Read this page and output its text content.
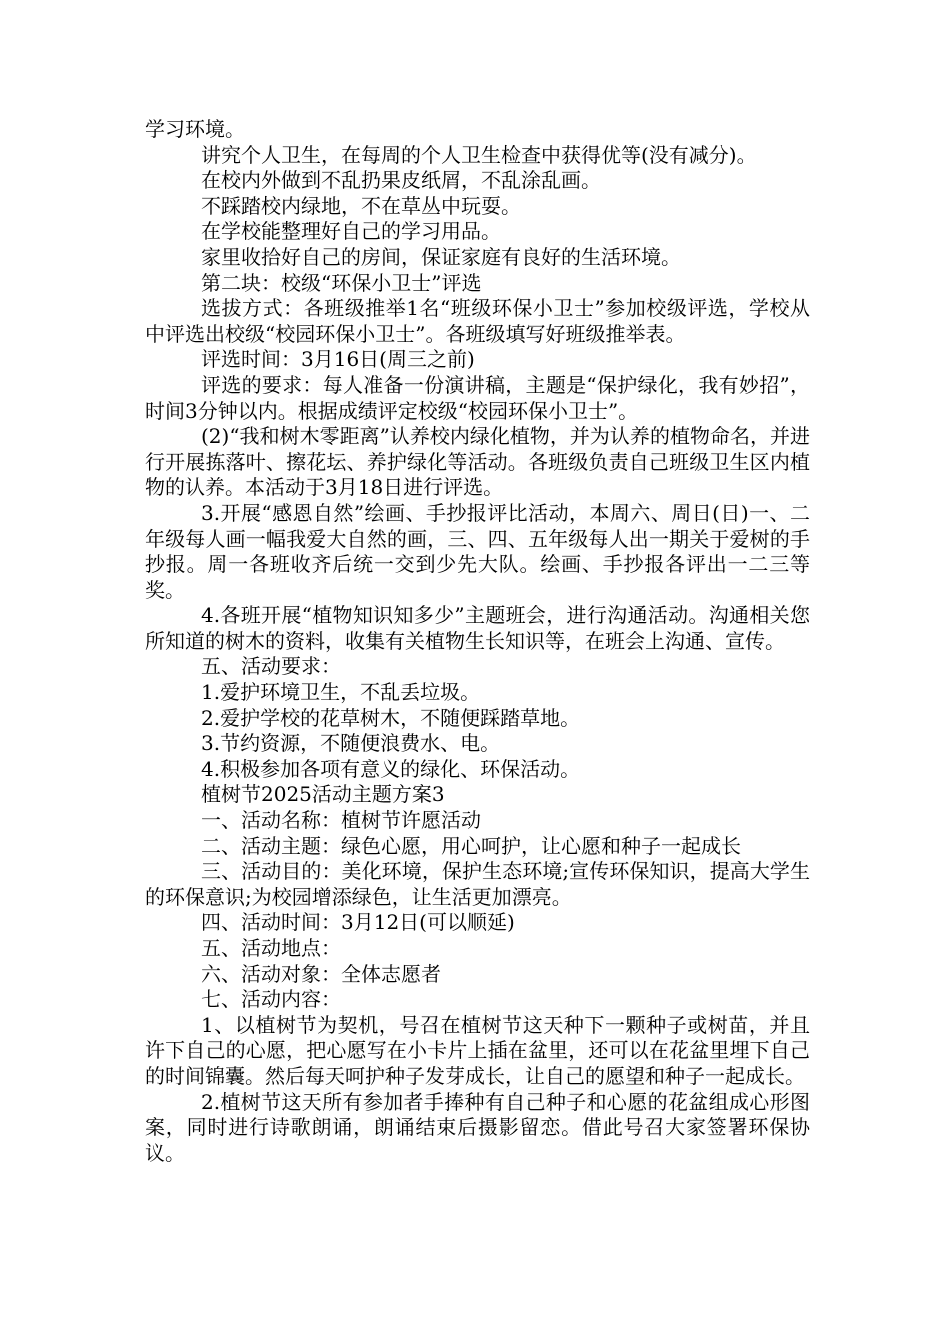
学习环境。

讲究个人卫生，在每周的个人卫生检查中获得优等(没有减分)。

在校内外做到不乱扔果皮纸屑，不乱涂乱画。

不踩踏校内绿地，不在草丛中玩耍。

在学校能整理好自己的学习用品。

家里收拾好自己的房间，保证家庭有良好的生活环境。

第二块：校级“环保小卫士”评选

选拔方式：各班级推举1名“班级环保小卫士”参加校级评选，学校从中评选出校级“校园环保小卫士”。各班级填写好班级推举表。

评选时间：3月16日(周三之前)

评选的要求：每人准备一份演讲稿，主题是“保护绿化，我有妙招”，时间3分钟以内。根据成绩评定校级“校园环保小卫士”。

(2)“我和树木零距离”认养校内绿化植物，并为认养的植物命名，并进行开展拣落叶、擦花坛、养护绿化等活动。各班级负责自己班级卫生区内植物的认养。本活动于3月18日进行评选。

3.开展“感恩自然”绘画、手抄报评比活动，本周六、周日(日)一、二年级每人画一幅我爱大自然的画，三、四、五年级每人出一期关于爱树的手抄报。周一各班收齐后统一交到少先大队。绘画、手抄报各评出一二三等奖。

4.各班开展“植物知识知多少”主题班会，进行沟通活动。沟通相关您所知道的树木的资料，收集有关植物生长知识等，在班会上沟通、宣传。

五、活动要求：

1.爱护环境卫生，不乱丢垃圾。

2.爱护学校的花草树木，不随便踩踏草地。

3.节约资源，不随便浪费水、电。

4.积极参加各项有意义的绿化、环保活动。

植树节2025活动主题方案3

一、活动名称：植树节许愿活动

二、活动主题：绿色心愿，用心呵护，让心愿和种子一起成长

三、活动目的：美化环境，保护生态环境;宣传环保知识，提高大学生的环保意识;为校园增添绿色，让生活更加漂亮。

四、活动时间：3月12日(可以顺延)

五、活动地点：

六、活动对象：全体志愿者

七、活动内容：

1、以植树节为契机，号召在植树节这天种下一颗种子或树苗，并且许下自己的心愿，把心愿写在小卡片上插在盆里，还可以在花盆里埋下自己的时间锦囊。然后每天呵护种子发芽成长，让自己的愿望和种子一起成长。

2.植树节这天所有参加者手捧种有自己种子和心愿的花盆组成心形图案，同时进行诗歌朗诵，朗诵结束后摄影留恋。借此号召大家签署环保协议。
